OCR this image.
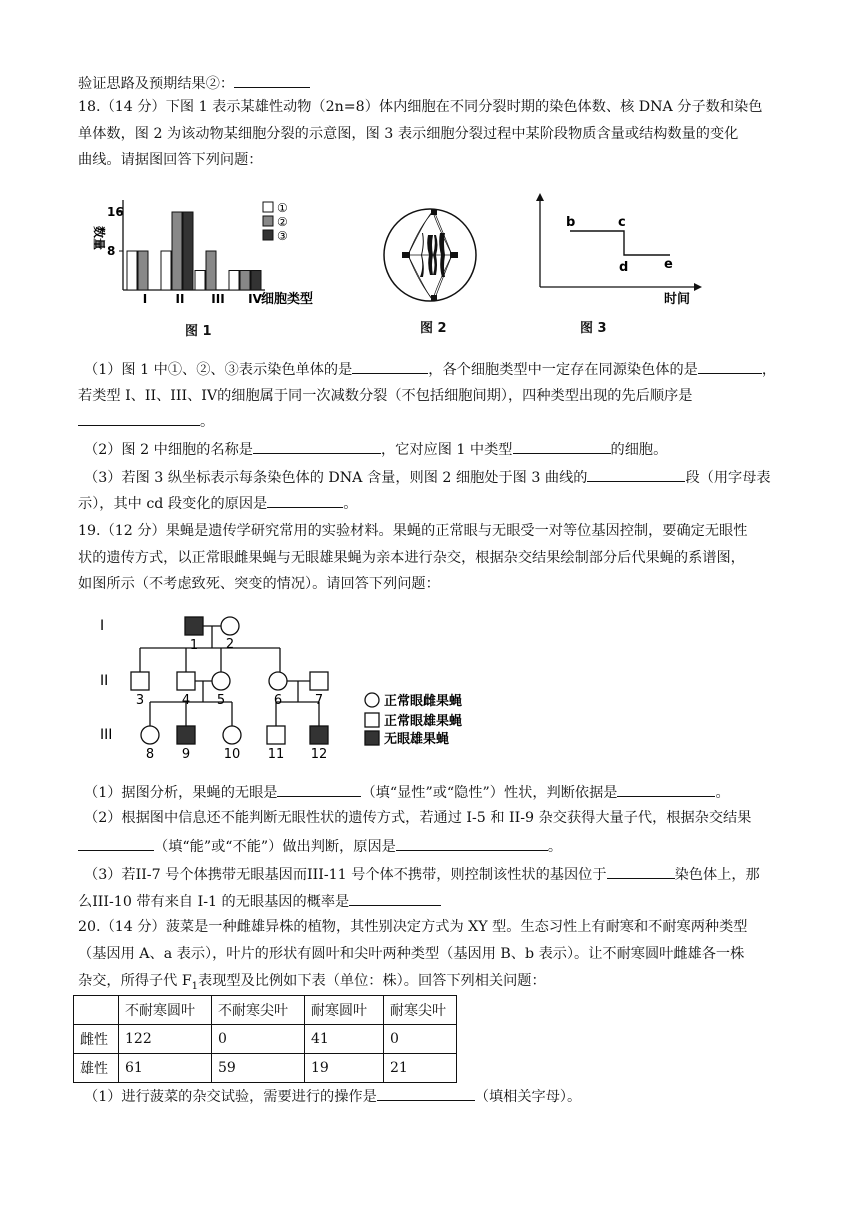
验证思路及预期结果②：
18.（14 分）下图 1 表示某雄性动物（2n=8）体内细胞在不同分裂时期的染色体数、核 DNA 分子数和染色
单体数，图 2 为该动物某细胞分裂的示意图，图 3 表示细胞分裂过程中某阶段物质含量或结构数量的变化
曲线。请据图回答下列问题：
数量
16
8
I II III IV 细胞类型
①
②
③
图 1	图 2
b	c
d	e
时间
图 3
（1）图 1 中①、②、③表示染色单体的是	，各个细胞类型中一定存在同源染色体的是	，
若类型 I、II、III、IV的细胞属于同一次减数分裂（不包括细胞间期），四种类型出现的先后顺序是
。
（2）图 2 中细胞的名称是	，它对应图 1 中类型	的细胞。
（3）若图 3 纵坐标表示每条染色体的 DNA 含量，则图 2 细胞处于图 3 曲线的	段（用字母表
示），其中 cd 段变化的原因是	。
19.（12 分）果蝇是遗传学研究常用的实验材料。果蝇的正常眼与无眼受一对等位基因控制，要确定无眼性
状的遗传方式，以正常眼雌果蝇与无眼雄果蝇为亲本进行杂交，根据杂交结果绘制部分后代果蝇的系谱图，
如图所示（不考虑致死、突变的情况）。请回答下列问题：
I
II
III
1 2
3	4 5	6	7
8 9	10 11 12
正常眼雌果蝇
正常眼雄果蝇
无眼雄果蝇
（1）据图分析，果蝇的无眼是	（填“显性”或“隐性”）性状，判断依据是	。
（2）根据图中信息还不能判断无眼性状的遗传方式，若通过 I-5 和 II-9 杂交获得大量子代，根据杂交结果
（填“能”或“不能”）做出判断，原因是	。
（3）若II-7 号个体携带无眼基因而III-11 号个体不携带，则控制该性状的基因位于	染色体上，那
么III-10 带有来自 I-1 的无眼基因的概率是
20.（14 分）菠菜是一种雌雄异株的植物，其性别决定方式为 XY 型。生态习性上有耐寒和不耐寒两种类型
（基因用 A、a 表示），叶片的形状有圆叶和尖叶两种类型（基因用 B、b 表示）。让不耐寒圆叶雌雄各一株
杂交，所得子代 $F_1$表现型及比例如下表（单位：株）。回答下列相关问题：
	不耐寒圆叶	不耐寒尖叶	耐寒圆叶	耐寒尖叶
雌性	122	0	41	0
雄性	61	59	19	21
（1）进行菠菜的杂交试验，需要进行的操作是	（填相关字母）。
